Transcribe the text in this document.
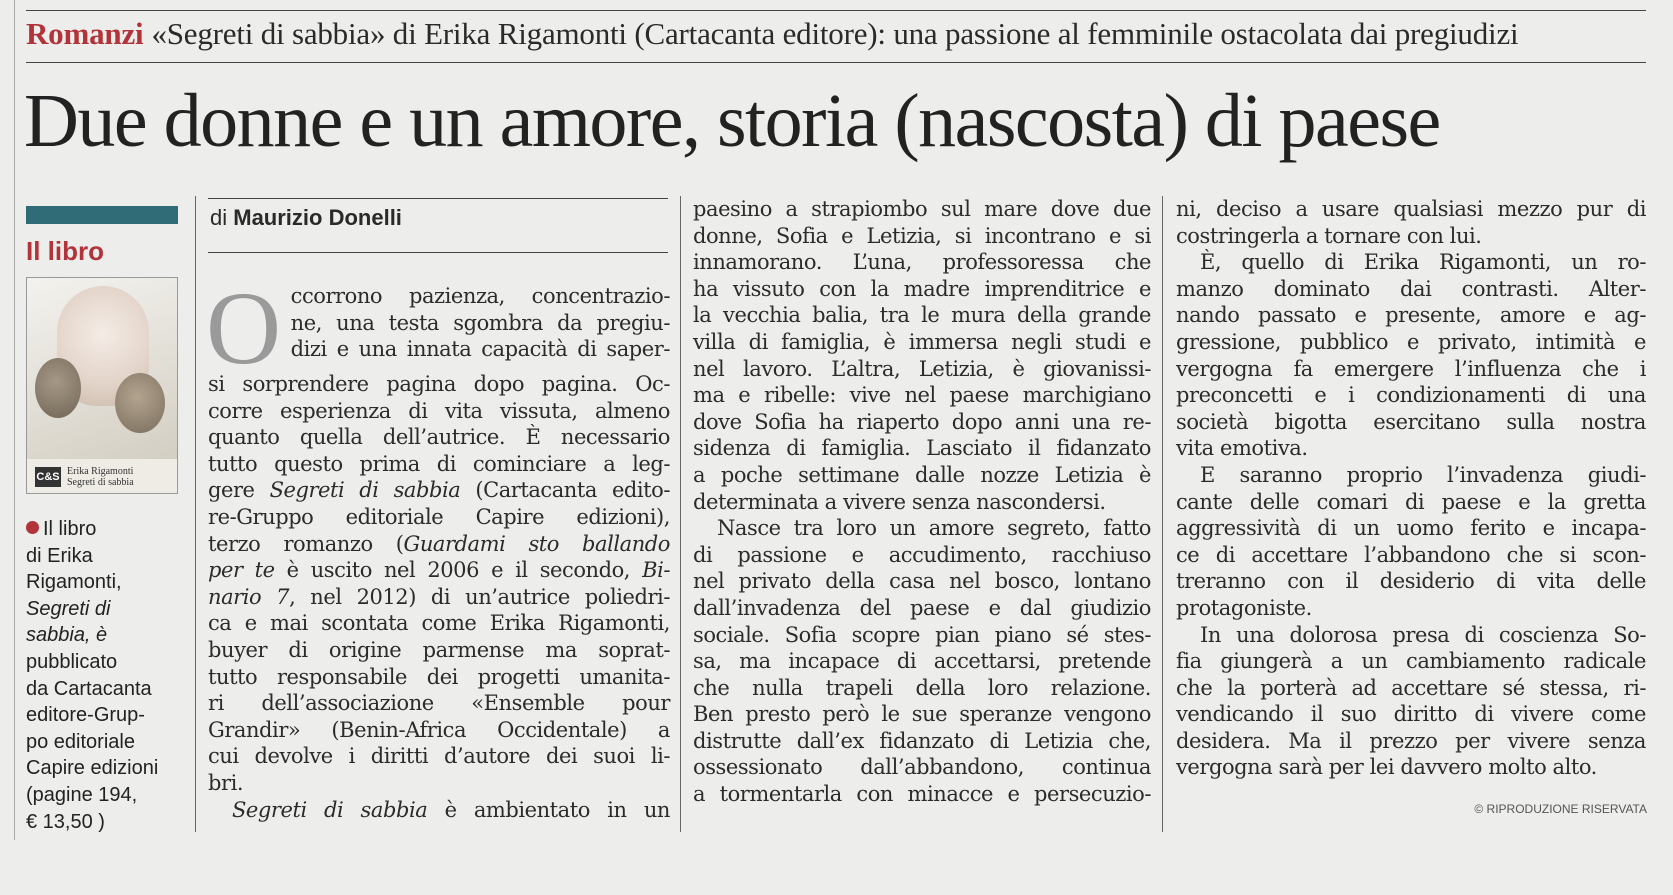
Romanzi «Segreti di sabbia» di Erika Rigamonti (Cartacanta editore): una passione al femminile ostacolata dai pregiudizi
Due donne e un amore, storia (nascosta) di paese
Il libro
C&S Erika Rigamonti
Segreti di sabbia
Il libro
di Erika
Rigamonti,
Segreti di
sabbia, è
pubblicato
da Cartacanta
editore-Grup-
po editoriale
Capire edizioni
(pagine 194,
€ 13,50 )
di Maurizio Donelli
O ccorrono pazienza, concentrazio-
ne, una testa sgombra da pregiu-
dizi e una innata capacità di saper-
si sorprendere pagina dopo pagina. Oc-
corre esperienza di vita vissuta, almeno
quanto quella dell’autrice. È necessario
tutto questo prima di cominciare a leg-
gere Segreti di sabbia (Cartacanta edito-
re-Gruppo editoriale Capire edizioni),
terzo romanzo (Guardami sto ballando
per te è uscito nel 2006 e il secondo, Bi-
nario 7, nel 2012) di un’autrice poliedri-
ca e mai scontata come Erika Rigamonti,
buyer di origine parmense ma soprat-
tutto responsabile dei progetti umanita-
ri dell’associazione «Ensemble pour
Grandir» (Benin-Africa Occidentale) a
cui devolve i diritti d’autore dei suoi li-
bri.
Segreti di sabbia è ambientato in un
paesino a strapiombo sul mare dove due
donne, Sofia e Letizia, si incontrano e si
innamorano. L’una, professoressa che
ha vissuto con la madre imprenditrice e
la vecchia balia, tra le mura della grande
villa di famiglia, è immersa negli studi e
nel lavoro. L’altra, Letizia, è giovanissi-
ma e ribelle: vive nel paese marchigiano
dove Sofia ha riaperto dopo anni una re-
sidenza di famiglia. Lasciato il fidanzato
a poche settimane dalle nozze Letizia è
determinata a vivere senza nascondersi.
Nasce tra loro un amore segreto, fatto
di passione e accudimento, racchiuso
nel privato della casa nel bosco, lontano
dall’invadenza del paese e dal giudizio
sociale. Sofia scopre pian piano sé stes-
sa, ma incapace di accettarsi, pretende
che nulla trapeli della loro relazione.
Ben presto però le sue speranze vengono
distrutte dall’ex fidanzato di Letizia che,
ossessionato dall’abbandono, continua
a tormentarla con minacce e persecuzio-
ni, deciso a usare qualsiasi mezzo pur di
costringerla a tornare con lui.
È, quello di Erika Rigamonti, un ro-
manzo dominato dai contrasti. Alter-
nando passato e presente, amore e ag-
gressione, pubblico e privato, intimità e
vergogna fa emergere l’influenza che i
preconcetti e i condizionamenti di una
società bigotta esercitano sulla nostra
vita emotiva.
E saranno proprio l’invadenza giudi-
cante delle comari di paese e la gretta
aggressività di un uomo ferito e incapa-
ce di accettare l’abbandono che si scon-
treranno con il desiderio di vita delle
protagoniste.
In una dolorosa presa di coscienza So-
fia giungerà a un cambiamento radicale
che la porterà ad accettare sé stessa, ri-
vendicando il suo diritto di vivere come
desidera. Ma il prezzo per vivere senza
vergogna sarà per lei davvero molto alto.
© RIPRODUZIONE RISERVATA
